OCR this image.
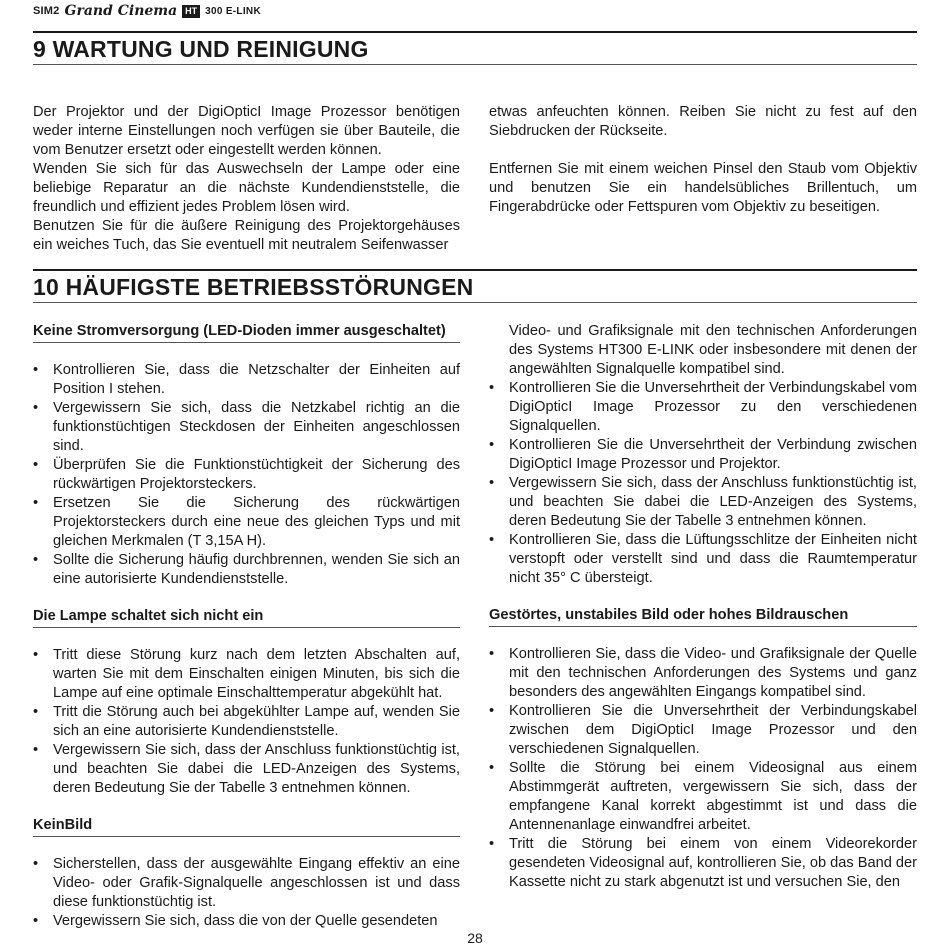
SIM2 Grand Cinema HT 300 E-LINK
9 WARTUNG UND REINIGUNG

Der Projektor und der DigiOpticI Image Prozessor benötigen weder interne Einstellungen noch verfügen sie über Bauteile, die vom Benutzer ersetzt oder eingestellt werden können.

Wenden Sie sich für das Auswechseln der Lampe oder eine beliebige Reparatur an die nächste Kundendienststelle, die freundlich und effizient jedes Problem lösen wird.

Benutzen Sie für die äußere Reinigung des Projektorgehäuses ein weiches Tuch, das Sie eventuell mit neutralem Seifenwasser

etwas anfeuchten können. Reiben Sie nicht zu fest auf den Siebdrucken der Rückseite.

Entfernen Sie mit einem weichen Pinsel den Staub vom Objektiv und benutzen Sie ein handelsübliches Brillentuch, um Fingerabdrücke oder Fettspuren vom Objektiv zu beseitigen.

10 HÄUFIGSTE BETRIEBSSTÖRUNGEN
Keine Stromversorgung (LED-Dioden immer ausgeschaltet)
• Kontrollieren Sie, dass die Netzschalter der Einheiten auf Position I stehen.
• Vergewissern Sie sich, dass die Netzkabel richtig an die funktionstüchtigen Steckdosen der Einheiten angeschlossen sind.
• Überprüfen Sie die Funktionstüchtigkeit der Sicherung des rückwärtigen Projektorsteckers.
• Ersetzen Sie die Sicherung des rückwärtigen Projektorsteckers durch eine neue des gleichen Typs und mit gleichen Merkmalen (T 3,15A H).
• Sollte die Sicherung häufig durchbrennen, wenden Sie sich an eine autorisierte Kundendienststelle.
Die Lampe schaltet sich nicht ein
• Tritt diese Störung kurz nach dem letzten Abschalten auf, warten Sie mit dem Einschalten einigen Minuten, bis sich die Lampe auf eine optimale Einschalttemperatur abgekühlt hat.
• Tritt die Störung auch bei abgekühlter Lampe auf, wenden Sie sich an eine autorisierte Kundendienststelle.
• Vergewissern Sie sich, dass der Anschluss funktionstüchtig ist, und beachten Sie dabei die LED-Anzeigen des Systems, deren Bedeutung Sie der Tabelle 3 entnehmen können.
KeinBild
• Sicherstellen, dass der ausgewählte Eingang effektiv an eine Video- oder Grafik-Signalquelle angeschlossen ist und dass diese funktionstüchtig ist.
• Vergewissern Sie sich, dass die von der Quelle gesendeten

Video- und Grafiksignale mit den technischen Anforderungen des Systems HT300 E-LINK oder insbesondere mit denen der angewählten Signalquelle kompatibel sind.

• Kontrollieren Sie die Unversehrtheit der Verbindungskabel vom DigiOpticI Image Prozessor zu den verschiedenen Signalquellen.
• Kontrollieren Sie die Unversehrtheit der Verbindung zwischen DigiOpticI Image Prozessor und Projektor.
• Vergewissern Sie sich, dass der Anschluss funktionstüchtig ist, und beachten Sie dabei die LED-Anzeigen des Systems, deren Bedeutung Sie der Tabelle 3 entnehmen können.
• Kontrollieren Sie, dass die Lüftungsschlitze der Einheiten nicht verstopft oder verstellt sind und dass die Raumtemperatur nicht 35° C übersteigt.
Gestörtes, unstabiles Bild oder hohes Bildrauschen
• Kontrollieren Sie, dass die Video- und Grafiksignale der Quelle mit den technischen Anforderungen des Systems und ganz besonders des angewählten Eingangs kompatibel sind.
• Kontrollieren Sie die Unversehrtheit der Verbindungskabel zwischen dem DigiOpticI Image Prozessor und den verschiedenen Signalquellen.
• Sollte die Störung bei einem Videosignal aus einem Abstimmgerät auftreten, vergewissern Sie sich, dass der empfangene Kanal korrekt abgestimmt ist und dass die Antennenanlage einwandfrei arbeitet.
• Tritt die Störung bei einem von einem Videorekorder gesendeten Videosignal auf, kontrollieren Sie, ob das Band der Kassette nicht zu stark abgenutzt ist und versuchen Sie, den
28
